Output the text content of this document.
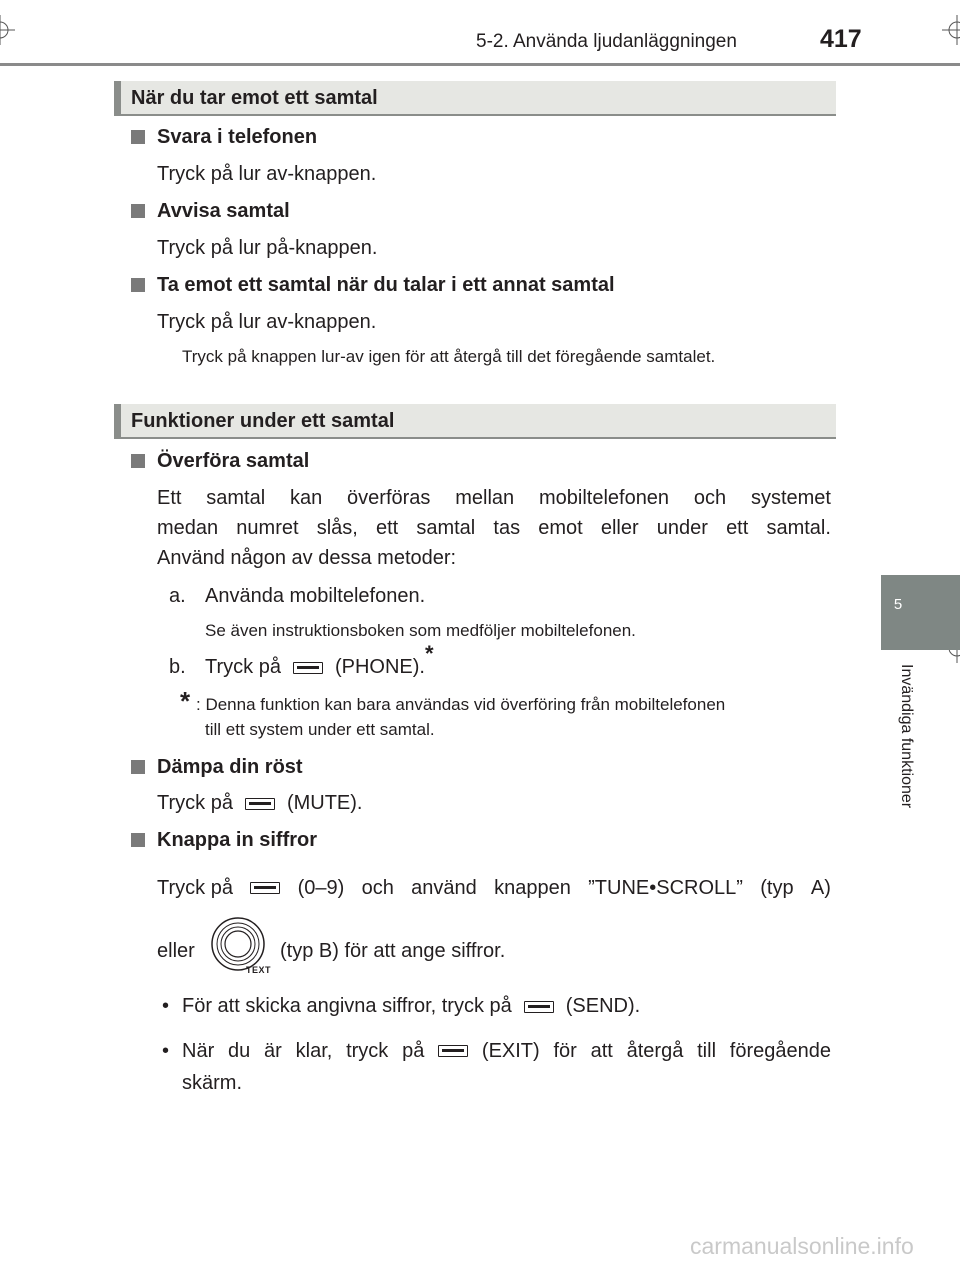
5-2. Använda ljudanläggningen	417
5
Invändiga funktioner
När du tar emot ett samtal
Svara i telefonen
Tryck på lur av-knappen.
Avvisa samtal
Tryck på lur på-knappen.
Ta emot ett samtal när du talar i ett annat samtal
Tryck på lur av-knappen.
Tryck på knappen lur-av igen för att återgå till det föregående samtalet.
Funktioner under ett samtal
Överföra samtal
Ett samtal kan överföras mellan mobiltelefonen och systemet
medan numret slås, ett samtal tas emot eller under ett samtal.
Använd någon av dessa metoder:
a. Använda mobiltelefonen.
Se även instruktionsboken som medföljer mobiltelefonen.
b. Tryck på	(PHONE).*
* : Denna funktion kan bara användas vid överföring från mobiltelefonen
till ett system under ett samtal.
Dämpa din röst
Tryck på	(MUTE).
Knappa in siffror
Tryck på	(0–9) och använd knappen ”TUNE•SCROLL” (typ A)
eller
TEXT
(typ B) för att ange siffror.
• För att skicka angivna siffror, tryck på	(SEND).
• När du är klar, tryck på	(EXIT) för att återgå till föregående
skärm.
carmanualsonline.info
